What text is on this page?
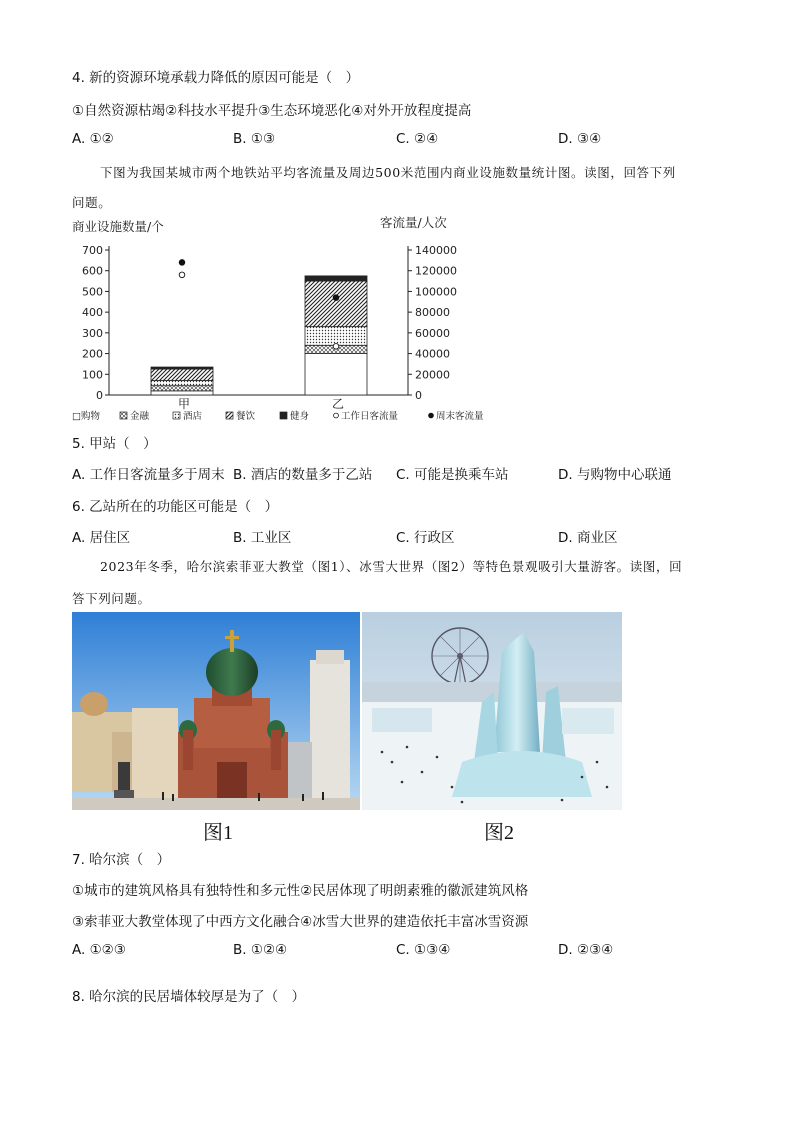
4. 新的资源环境承载力降低的原因可能是（　）
①自然资源枯竭②科技水平提升③生态环境恶化④对外开放程度提高
A. ①②	B. ①③	C. ②④	D. ③④
下图为我国某城市两个地铁站平均客流量及周边500米范围内商业设施数量统计图。读图，回答下列
问题。
商业设施数量/个	客流量/人次
0
100
200
300
400
500
600
700
0
20000
40000
60000
80000
100000
120000
140000
甲	乙
□购物	金融	酒店	餐饮	健身	工作日客流量	周末客流量
5. 甲站（　）
A. 工作日客流量多于周末 B. 酒店的数量多于乙站 C. 可能是换乘车站	D. 与购物中心联通
6. 乙站所在的功能区可能是（　）
A. 居住区	B. 工业区	C. 行政区	D. 商业区
2023年冬季，哈尔滨索菲亚大教堂（图1）、冰雪大世界（图2）等特色景观吸引大量游客。读图，回
答下列问题。
图1	图2
7. 哈尔滨（　）
①城市的建筑风格具有独特性和多元性②民居体现了明朗素雅的徽派建筑风格
③索菲亚大教堂体现了中西方文化融合④冰雪大世界的建造依托丰富冰雪资源
A. ①②③	B. ①②④	C. ①③④	D. ②③④
8. 哈尔滨的民居墙体较厚是为了（　）
